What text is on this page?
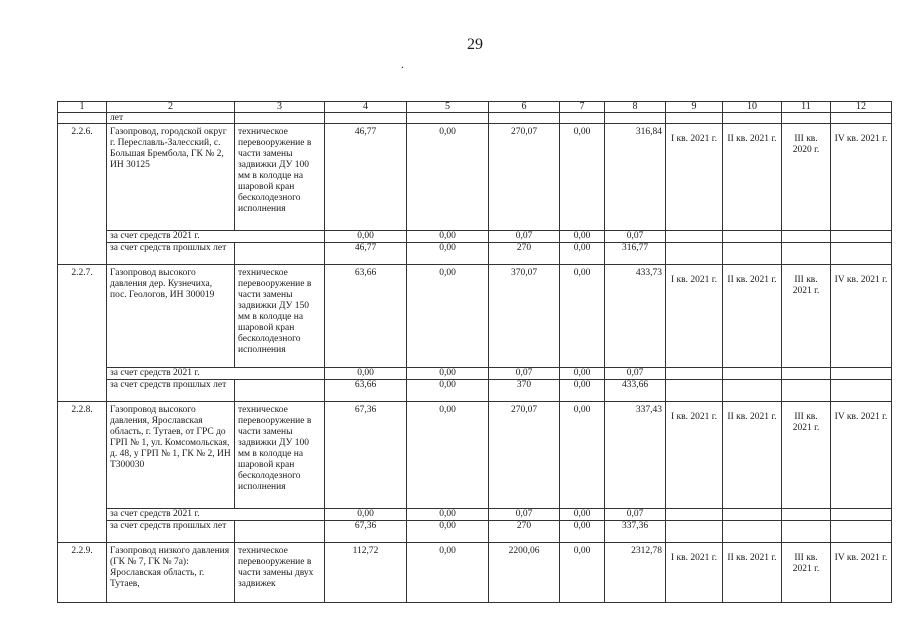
29
.
1	2	3	4	5	6	7	8	9	10	11	12
	лет										
2.2.6.	Газопровод, городской округ г. Переславль-Залесский, с. Большая Брембола, ГК № 2, ИН 30125	техническое перевооружение в части замены задвижки ДУ 100 мм в колодце на шаровой кран бесколодезного исполнения	46,77	0,00	270,07	0,00	316,84	I кв. 2021 г.	II кв. 2021 г.	III кв. 2020 г.	IV кв. 2021 г.
	за счет средств 2021 г.		0,00	0,00	0,07	0,00	0,07				
	за счет средств прошлых лет		46,77	0,00	270	0,00	316,77				
2.2.7.	Газопровод высокого давления дер. Кузнечиха, пос. Геологов, ИН 300019	техническое перевооружение в части замены задвижки ДУ 150 мм в колодце на шаровой кран бесколодезного исполнения	63,66	0,00	370,07	0,00	433,73	I кв. 2021 г.	II кв. 2021 г.	III кв. 2021 г.	IV кв. 2021 г.
	за счет средств 2021 г.		0,00	0,00	0,07	0,00	0,07				
	за счет средств прошлых лет		63,66	0,00	370	0,00	433,66				
2.2.8.	Газопровод высокого давления, Ярославская область, г. Тутаев, от ГРС до ГРП № 1, ул. Комсомольская, д. 48, у ГРП № 1, ГК № 2, ИН Т300030	техническое перевооружение в части замены задвижки ДУ 100 мм в колодце на шаровой кран бесколодезного исполнения	67,36	0,00	270,07	0,00	337,43	I кв. 2021 г.	II кв. 2021 г.	III кв. 2021 г.	IV кв. 2021 г.
	за счет средств 2021 г.		0,00	0,00	0,07	0,00	0,07				
	за счет средств прошлых лет		67,36	0,00	270	0,00	337,36				
2.2.9.	Газопровод низкого давления (ГК № 7, ГК № 7а): Ярославская область, г. Тутаев,	техническое перевооружение в части замены двух задвижек	112,72	0,00	2200,06	0,00	2312,78	I кв. 2021 г.	II кв. 2021 г.	III кв. 2021 г.	IV кв. 2021 г.
